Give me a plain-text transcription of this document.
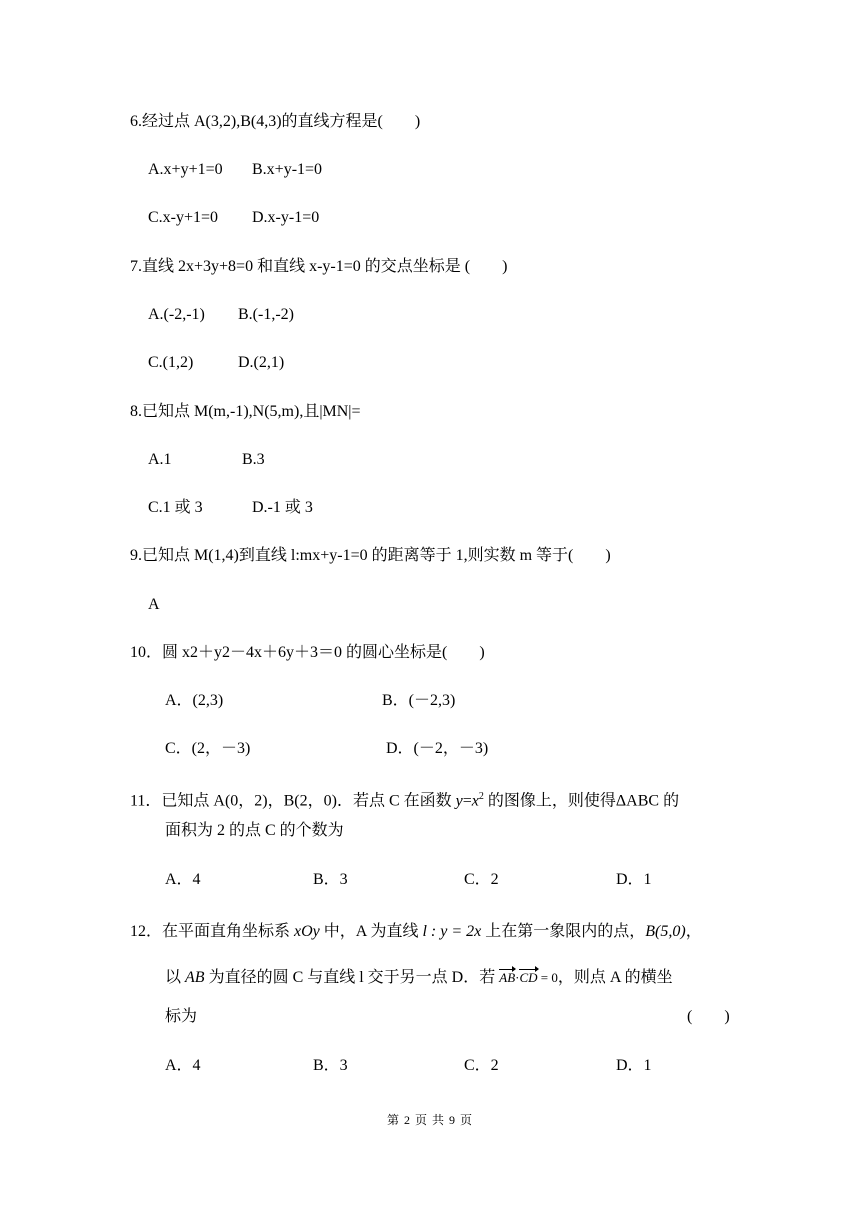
6.经过点 A(3,2),B(4,3)的直线方程是(　　)
A.x+y+1=0 B.x+y-1=0
C.x-y+1=0 D.x-y-1=0
7.直线 2x+3y+8=0 和直线 x-y-1=0 的交点坐标是 (　　)
A.(-2,-1) B.(-1,-2)
C.(1,2)	D.(2,1)
8.已知点 M(m,-1),N(5,m),且|MN|=
A.1	B.3
C.1 或 3	D.-1 或 3
9.已知点 M(1,4)到直线 l:mx+y-1=0 的距离等于 1,则实数 m 等于(　　)
A
10．圆 x2＋y2－4x＋6y＋3＝0 的圆心坐标是(　　)
A．(2,3)	B．(－2,3)
C．(2，－3)	D．(－2，－3)
11．已知点 A(0，2)，B(2，0)．若点 C 在函数 $y=x^2$ 的图像上，则使得ΔABC 的
面积为 2 的点 C 的个数为
A．4	B．3	C．2	D．1
12．在平面直角坐标系 xOy 中，A 为直线 l : y = 2x 上在第一象限内的点，B(5,0)，
以 AB 为直径的圆 C 与直线 l 交于另一点 D．若 AB·CD = 0，则点 A 的横坐
标为	(　　)
A．4	B．3	C．2	D．1
第 2 页 共 9 页
